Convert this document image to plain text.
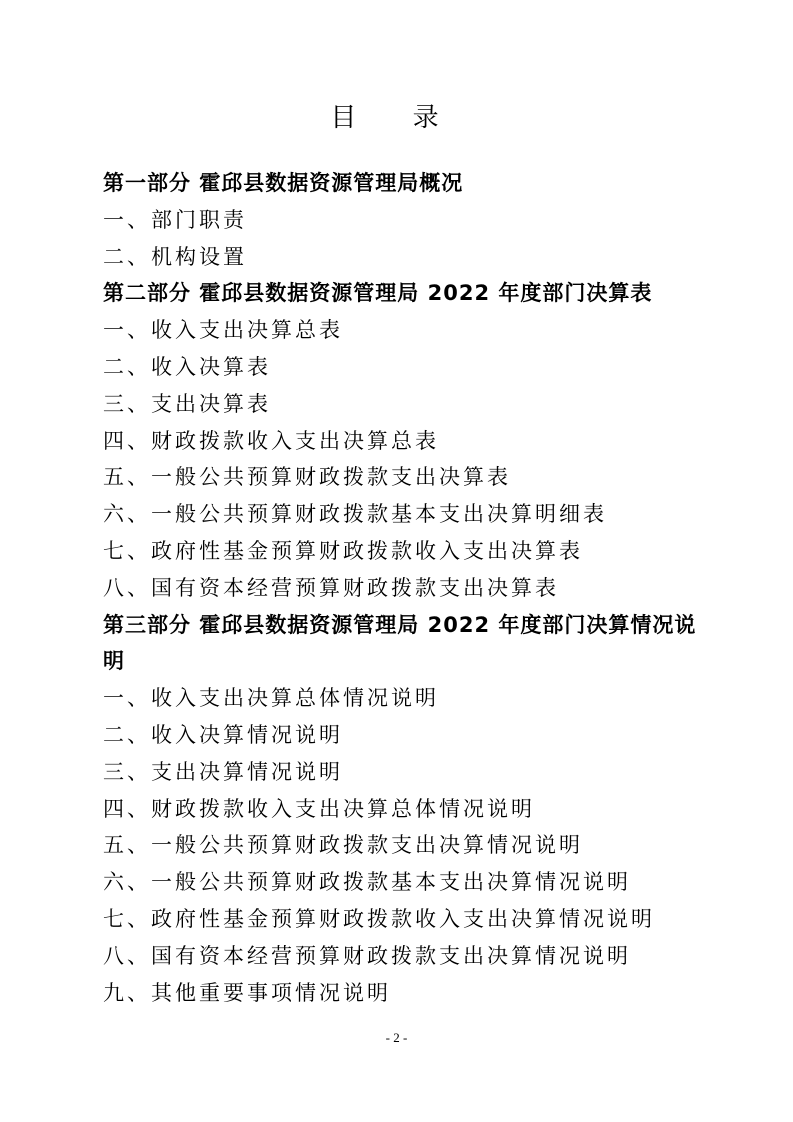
目 录
第一部分 霍邱县数据资源管理局概况
一、部门职责
二、机构设置
第二部分 霍邱县数据资源管理局 2022 年度部门决算表
一、收入支出决算总表
二、收入决算表
三、支出决算表
四、财政拨款收入支出决算总表
五、一般公共预算财政拨款支出决算表
六、一般公共预算财政拨款基本支出决算明细表
七、政府性基金预算财政拨款收入支出决算表
八、国有资本经营预算财政拨款支出决算表
第三部分 霍邱县数据资源管理局 2022 年度部门决算情况说明
一、收入支出决算总体情况说明
二、收入决算情况说明
三、支出决算情况说明
四、财政拨款收入支出决算总体情况说明
五、一般公共预算财政拨款支出决算情况说明
六、一般公共预算财政拨款基本支出决算情况说明
七、政府性基金预算财政拨款收入支出决算情况说明
八、国有资本经营预算财政拨款支出决算情况说明
九、其他重要事项情况说明
- 2 -
